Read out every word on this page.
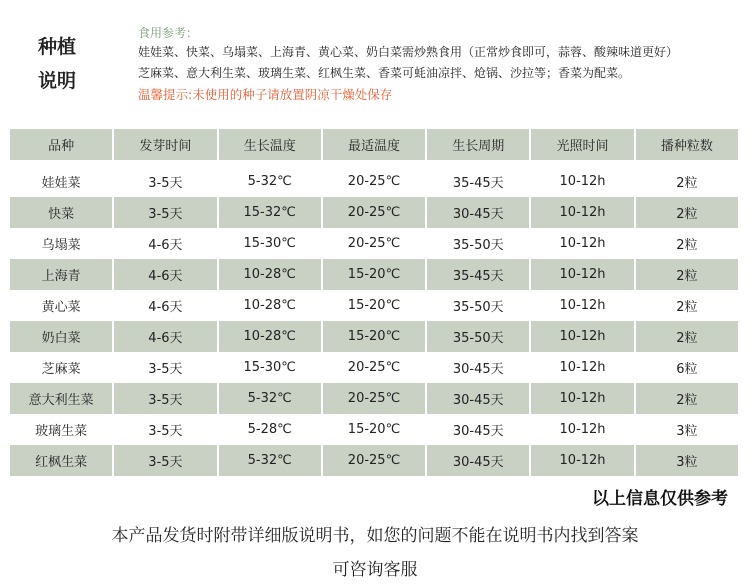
种植
说明
食用参考：
娃娃菜、快菜、乌塌菜、上海青、黄心菜、奶白菜需炒熟食用（正常炒食即可，蒜蓉、酸辣味道更好）
芝麻菜、意大利生菜、玻璃生菜、红枫生菜、香菜可蚝油凉拌、炝锅、沙拉等；香菜为配菜。
温馨提示:未使用的种子请放置阴凉干燥处保存
品种	发芽时间	生长温度	最适温度	生长周期	光照时间	播种粒数
娃娃菜	3-5天	5-32℃	20-25℃	35-45天	10-12h	2粒
快菜	3-5天	15-32℃	20-25℃	30-45天	10-12h	2粒
乌塌菜	4-6天	15-30℃	20-25℃	35-50天	10-12h	2粒
上海青	4-6天	10-28℃	15-20℃	35-45天	10-12h	2粒
黄心菜	4-6天	10-28℃	15-20℃	35-50天	10-12h	2粒
奶白菜	4-6天	10-28℃	15-20℃	35-50天	10-12h	2粒
芝麻菜	3-5天	15-30℃	20-25℃	30-45天	10-12h	6粒
意大利生菜	3-5天	5-32℃	20-25℃	30-45天	10-12h	2粒
玻璃生菜	3-5天	5-28℃	15-20℃	30-45天	10-12h	3粒
红枫生菜	3-5天	5-32℃	20-25℃	30-45天	10-12h	3粒
以上信息仅供参考
本产品发货时附带详细版说明书，如您的问题不能在说明书内找到答案
可咨询客服
